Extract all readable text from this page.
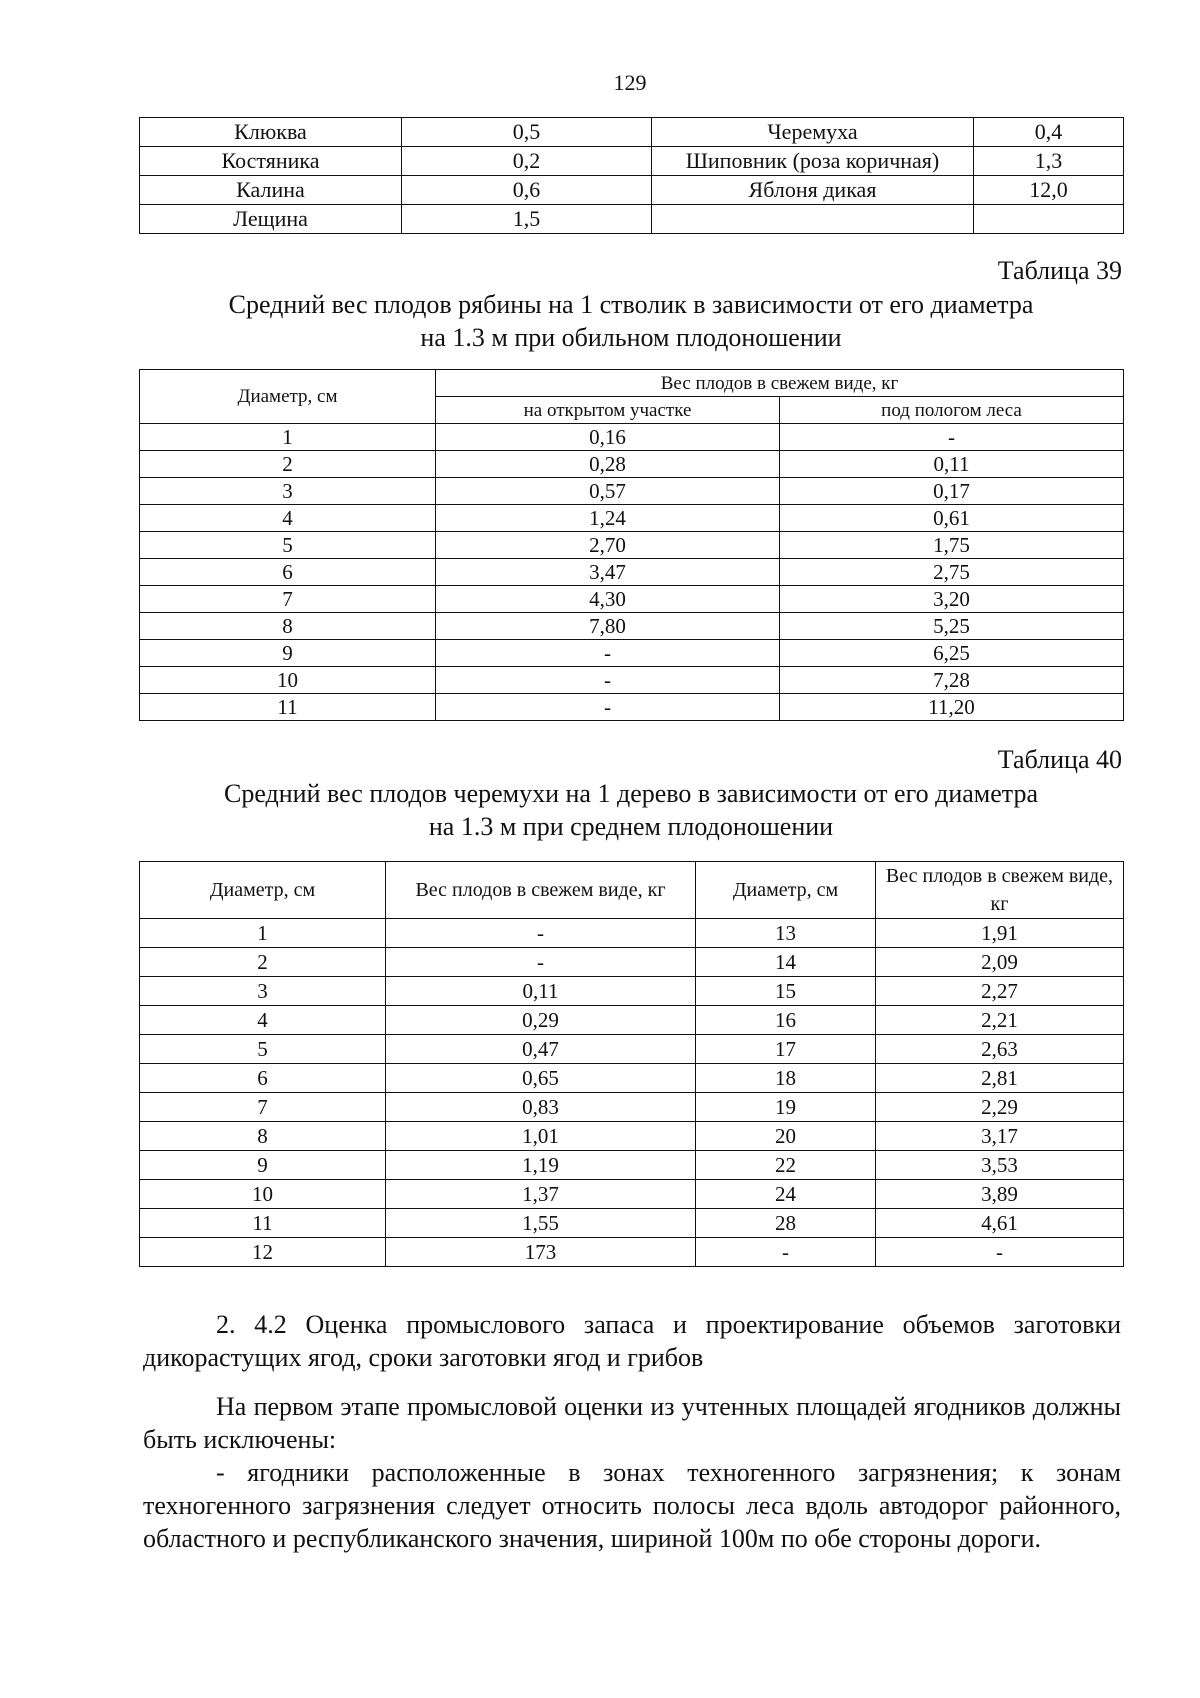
129
Клюква	0,5	Черемуха	0,4
Костяника	0,2	Шиповник (роза коричная)	1,3
Калина	0,6	Яблоня дикая	12,0
Лещина	1,5		
Таблица 39
Средний вес плодов рябины на 1 стволик в зависимости от его диаметра
на 1.3 м при обильном плодоношении
Диаметр, см	Вес плодов в свежем виде, кг	
	на открытом участке	под пологом леса
1	0,16	-
2	0,28	0,11
3	0,57	0,17
4	1,24	0,61
5	2,70	1,75
6	3,47	2,75
7	4,30	3,20
8	7,80	5,25
9	-	6,25
10	-	7,28
11	-	11,20
Таблица 40
Средний вес плодов черемухи на 1 дерево в зависимости от его диаметра
на 1.3 м при среднем плодоношении
Диаметр, см	Вес плодов в свежем виде, кг	Диаметр, см	Вес плодов в свежем виде, кг
1	-	13	1,91
2	-	14	2,09
3	0,11	15	2,27
4	0,29	16	2,21
5	0,47	17	2,63
6	0,65	18	2,81
7	0,83	19	2,29
8	1,01	20	3,17
9	1,19	22	3,53
10	1,37	24	3,89
11	1,55	28	4,61
12	173	-	-
2. 4.2 Оценка промыслового запаса и проектирование объемов заготовки дикорастущих ягод, сроки заготовки ягод и грибов
На первом этапе промысловой оценки из учтенных площадей ягодников должны быть исключены:
- ягодники расположенные в зонах техногенного загрязнения; к зонам техногенного загрязнения следует относить полосы леса вдоль автодорог районного, областного и республиканского значения, шириной 100м по обе стороны дороги.
